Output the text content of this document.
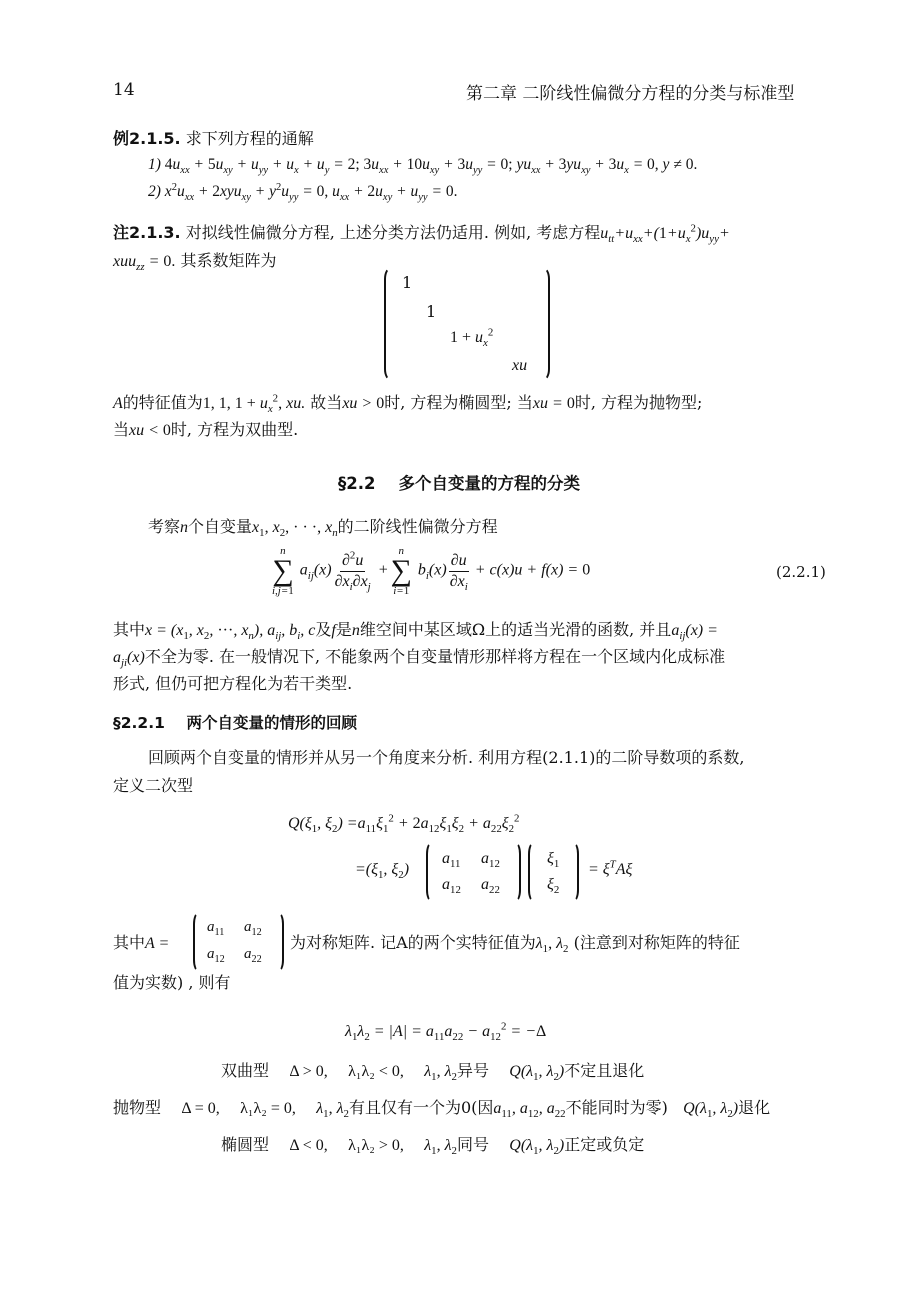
14	第二章 二阶线性偏微分方程的分类与标准型
例2.1.5. 求下列方程的通解
1) $4u_{xx} + 5u_{xy} + u_{yy} + u_x + u_y = 2$; $3u_{xx} + 10u_{xy} + 3u_{yy} = 0$; $yu_{xx} + 3yu_{xy} + 3u_x = 0$, y ≠ 0.
2) $x^2u_{xx} + 2xyu_{xy} + y^2u_{yy} = 0$, $u_{xx} + 2u_{xy} + u_{yy} = 0$.
注2.1.3. 对拟线性偏微分方程, 上述分类方法仍适用. 例如, 考虑方程$u_{tt}+u_{xx}+(1+u_x^2)u_{yy}+$
xuu$_{zz}$ = 0. 其系数矩阵为
1
1
$1 + u_x^2$
xu
A的特征值为1, 1, $1 + u_x^2$, xu. 故当xu > 0时, 方程为椭圆型; 当xu = 0时, 方程为抛物型;
当xu < 0时, 方程为双曲型.
§2.2 多个自变量的方程的分类
考察n个自变量$x_1$, $x_2$, · · ·, $x_n$的二阶线性偏微分方程
n
∑
i,j=1
$a_{ij}(x) \frac{\partial^2u}{\partial x_i\partial x_j}$ +
n
∑
i=1
$b_i(x) \frac{\partial u}{\partial x_i} + c(x)u + f(x) = 0$	(2.2.1)
其中$x = (x_1$, $x_2$, ···, $x_n$), $a_{ij}$, $b_i$, c及f是n维空间中某区域Ω上的适当光滑的函数, 并且$a_{ij}(x)$ =
$a_{ji}(x)$不全为零. 在一般情况下, 不能象两个自变量情形那样将方程在一个区域内化成标准
形式, 但仍可把方程化为若干类型.
§2.2.1 两个自变量的情形的回顾
回顾两个自变量的情形并从另一个角度来分析. 利用方程(2.1.1)的二阶导数项的系数,
定义二次型
$Q(\xi_1$, $\xi_2) =a_{11}\xi_1^2 + 2a_{12}\xi_1\xi_2 + a_{22}\xi_2^2$
$=(\xi_1$, $\xi_2$)
$a_{11}$ $a_{12}$
$a_{12}$ $a_{22}$
$\xi_1$
$\xi_2$
= $\xi^TA\xi$
其中A =
$a_{11}$ $a_{12}$
$a_{12}$ $a_{22}$
为对称矩阵. 记A的两个实特征值为$\lambda_1$, $\lambda_2$ (注意到对称矩阵的特征
值为实数) , 则有
$\lambda_1\lambda_2 = |A| = a_{11}a_{22} - a_{12}^2 = -\Delta$
双曲型 Δ > 0, λ₁λ₂ < 0, $\lambda_1$, $\lambda_2$异号 $Q(\lambda_1$, $\lambda_2$)不定且退化
抛物型 Δ = 0, λ₁λ₂ = 0, $\lambda_1$, $\lambda_2$有且仅有一个为0(因$a_{11}$, $a_{12}$, $a_{22}$不能同时为零) $Q(\lambda_1$, $\lambda_2$)退化
椭圆型 Δ < 0, λ₁λ₂ > 0, $\lambda_1$, $\lambda_2$同号 $Q(\lambda_1$, $\lambda_2$)正定或负定
